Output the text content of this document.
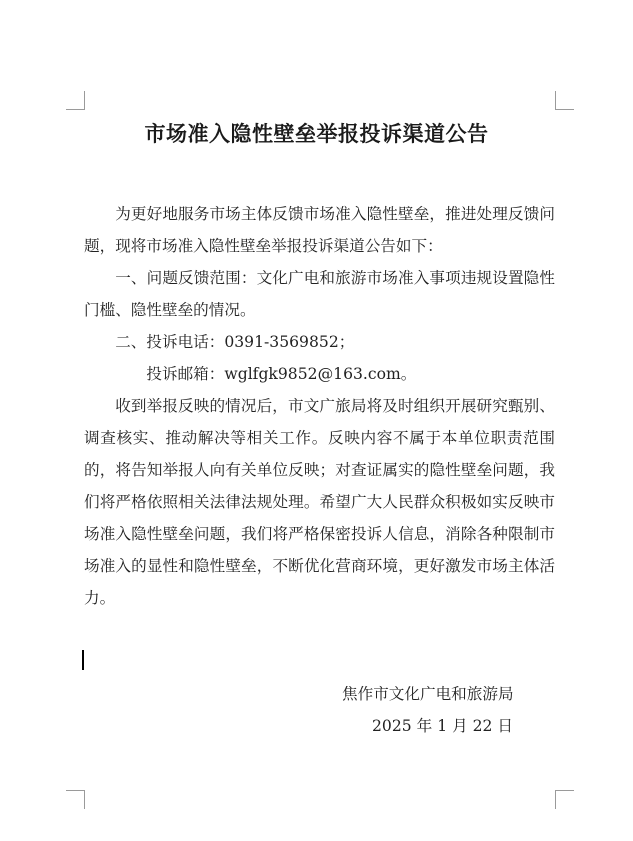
市场准入隐性壁垒举报投诉渠道公告

为更好地服务市场主体反馈市场准入隐性壁垒，推进处理反馈问题，现将市场准入隐性壁垒举报投诉渠道公告如下：

一、问题反馈范围：文化广电和旅游市场准入事项违规设置隐性门槛、隐性壁垒的情况。

二、投诉电话：0391-3569852；

投诉邮箱：wglfgk9852@163.com。

收到举报反映的情况后，市文广旅局将及时组织开展研究甄别、调查核实、推动解决等相关工作。反映内容不属于本单位职责范围的，将告知举报人向有关单位反映；对查证属实的隐性壁垒问题，我们将严格依照相关法律法规处理。希望广大人民群众积极如实反映市场准入隐性壁垒问题，我们将严格保密投诉人信息，消除各种限制市场准入的显性和隐性壁垒，不断优化营商环境，更好激发市场主体活力。

焦作市文化广电和旅游局
2025 年 1 月 22 日
